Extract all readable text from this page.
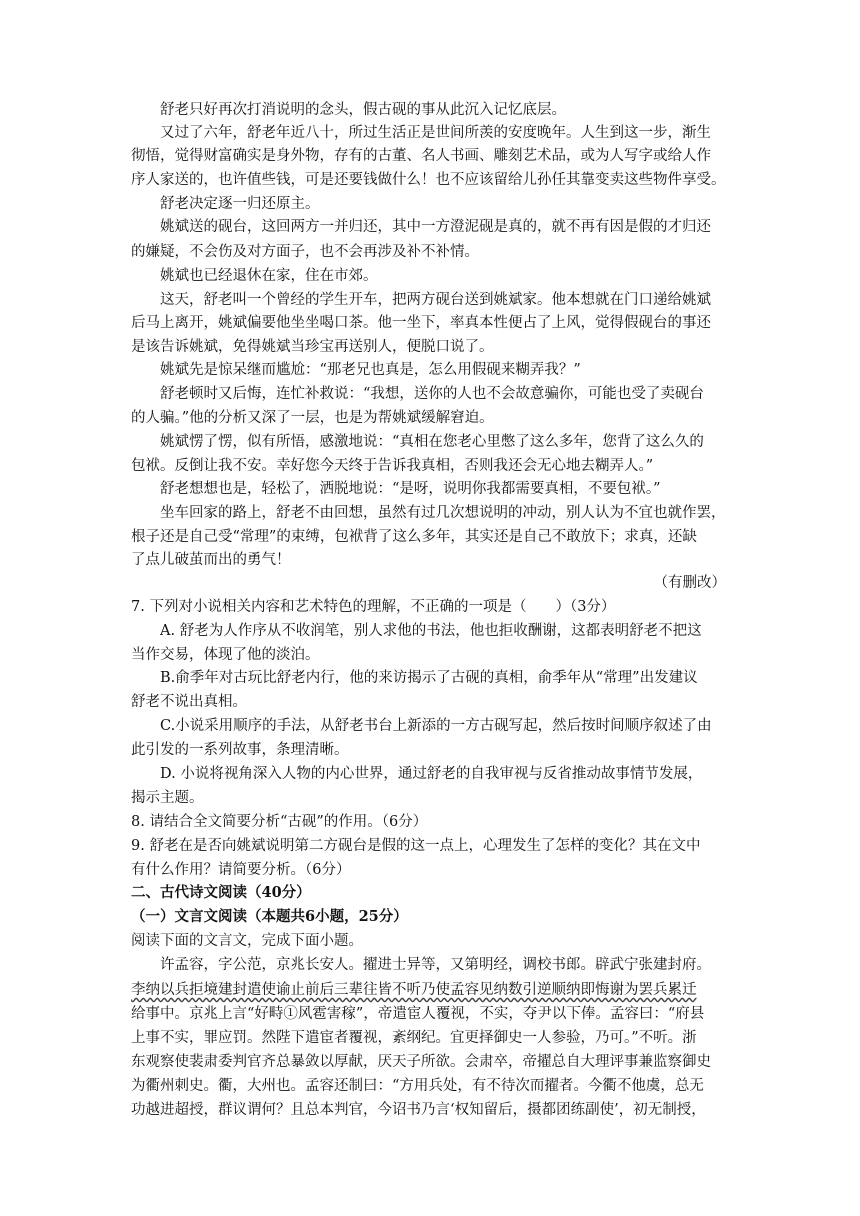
舒老只好再次打消说明的念头，假古砚的事从此沉入记忆底层。
又过了六年，舒老年近八十，所过生活正是世间所羡的安度晚年。人生到这一步，渐生
彻悟，觉得财富确实是身外物，存有的古董、名人书画、雕刻艺术品，或为人写字或给人作
序人家送的，也许值些钱，可是还要钱做什么！也不应该留给儿孙任其靠变卖这些物件享受。
舒老决定逐一归还原主。
姚斌送的砚台，这回两方一并归还，其中一方澄泥砚是真的，就不再有因是假的才归还
的嫌疑，不会伤及对方面子，也不会再涉及补不补情。
姚斌也已经退休在家，住在市郊。
这天，舒老叫一个曾经的学生开车，把两方砚台送到姚斌家。他本想就在门口递给姚斌
后马上离开，姚斌偏要他坐坐喝口茶。他一坐下，率真本性便占了上风，觉得假砚台的事还
是该告诉姚斌，免得姚斌当珍宝再送别人，便脱口说了。
姚斌先是惊呆继而尴尬：“那老兄也真是，怎么用假砚来糊弄我？”
舒老顿时又后悔，连忙补救说：“我想，送你的人也不会故意骗你，可能也受了卖砚台
的人骗。”他的分析又深了一层，也是为帮姚斌缓解窘迫。
姚斌愣了愣，似有所悟，感激地说：“真相在您老心里憋了这么多年，您背了这么久的
包袱。反倒让我不安。幸好您今天终于告诉我真相，否则我还会无心地去糊弄人。”
舒老想想也是，轻松了，洒脱地说：“是呀，说明你我都需要真相，不要包袱。”
坐车回家的路上，舒老不由回想，虽然有过几次想说明的冲动，别人认为不宜也就作罢，
根子还是自己受“常理”的束缚，包袱背了这么多年，其实还是自己不敢放下；求真，还缺
了点儿破茧而出的勇气！
（有删改）
7. 下列对小说相关内容和艺术特色的理解，不正确的一项是（　　）（3分）
A. 舒老为人作序从不收润笔，别人求他的书法，他也拒收酬谢，这都表明舒老不把这
当作交易，体现了他的淡泊。
B.俞季年对古玩比舒老内行，他的来访揭示了古砚的真相，俞季年从“常理”出发建议
舒老不说出真相。
C.小说采用顺序的手法，从舒老书台上新添的一方古砚写起，然后按时间顺序叙述了由
此引发的一系列故事，条理清晰。
D. 小说将视角深入人物的内心世界，通过舒老的自我审视与反省推动故事情节发展，
揭示主题。
8. 请结合全文简要分析“古砚”的作用。（6分）
9. 舒老在是否向姚斌说明第二方砚台是假的这一点上，心理发生了怎样的变化？其在文中
有什么作用？请简要分析。（6分）
二、古代诗文阅读（40分）
（一）文言文阅读（本题共6小题，25分）
阅读下面的文言文，完成下面小题。
许孟容，字公范，京兆长安人。擢进士异等，又第明经，调校书郎。辟武宁张建封府。
李纳以兵拒境建封遣使谕止前后三辈往皆不听乃使孟容见纳数引逆顺纳即悔谢为罢兵累迁
给事中。京兆上言“好畤①风雹害稼”，帝遣宦人覆视，不实，夺尹以下俸。孟容曰：“府县
上事不实，罪应罚。然陛下遣宦者覆视，紊纲纪。宜更择御史一人参验，乃可。”不听。浙
东观察使裴肃委判官齐总暴敛以厚献，厌天子所欲。会肃卒，帝擢总自大理评事兼监察御史
为衢州刺史。衢，大州也。孟容还制曰：“方用兵处，有不待次而擢者。今衢不他虞，总无
功越进超授，群议谓何？且总本判官，今诏书乃言‘权知留后，摄都团练副使’，初无制授，
